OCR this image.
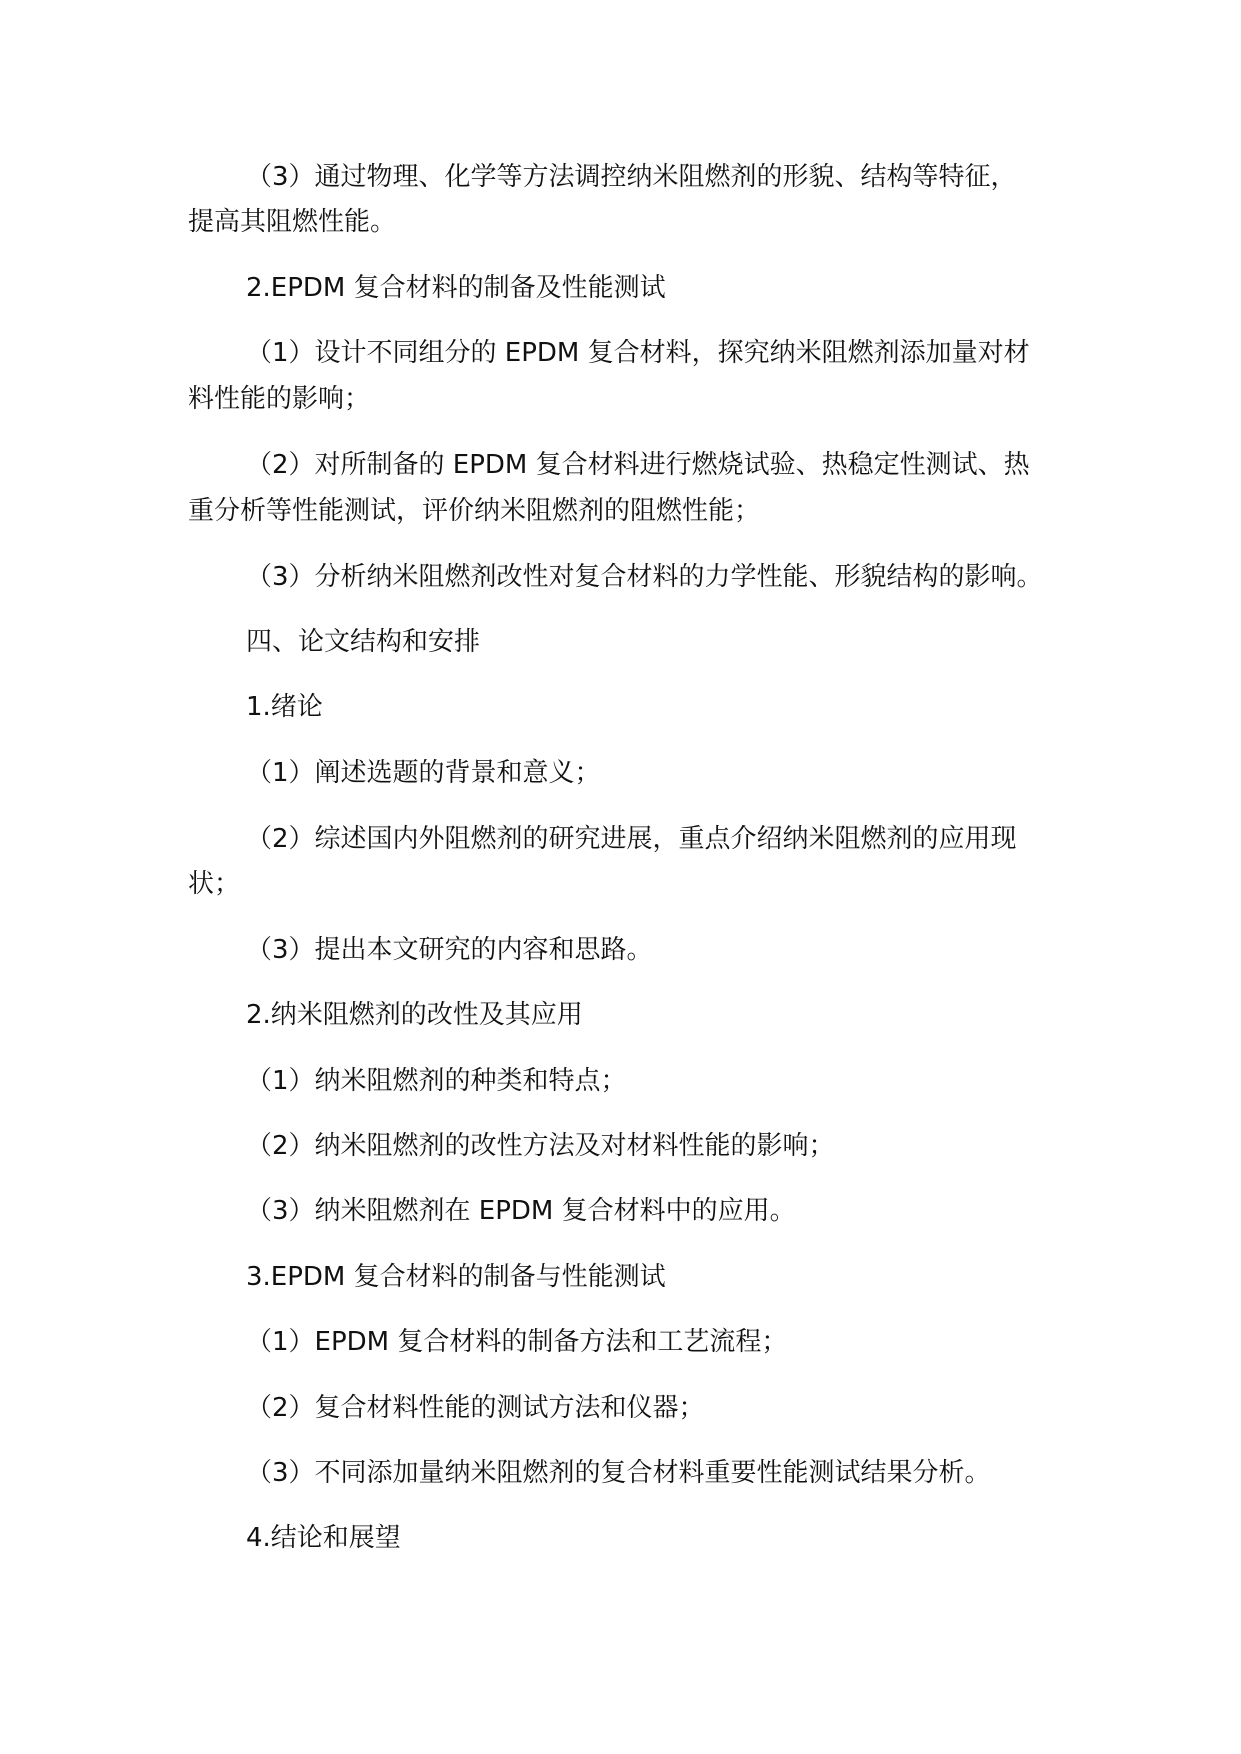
（3）通过物理、化学等方法调控纳米阻燃剂的形貌、结构等特征，

提高其阻燃性能。

2.EPDM 复合材料的制备及性能测试

（1）设计不同组分的 EPDM 复合材料，探究纳米阻燃剂添加量对材

料性能的影响；

（2）对所制备的 EPDM 复合材料进行燃烧试验、热稳定性测试、热

重分析等性能测试，评价纳米阻燃剂的阻燃性能；

（3）分析纳米阻燃剂改性对复合材料的力学性能、形貌结构的影响。

四、论文结构和安排

1.绪论

（1）阐述选题的背景和意义；

（2）综述国内外阻燃剂的研究进展，重点介绍纳米阻燃剂的应用现

状；

（3）提出本文研究的内容和思路。

2.纳米阻燃剂的改性及其应用

（1）纳米阻燃剂的种类和特点；

（2）纳米阻燃剂的改性方法及对材料性能的影响；

（3）纳米阻燃剂在 EPDM 复合材料中的应用。

3.EPDM 复合材料的制备与性能测试

（1）EPDM 复合材料的制备方法和工艺流程；

（2）复合材料性能的测试方法和仪器；

（3）不同添加量纳米阻燃剂的复合材料重要性能测试结果分析。

4.结论和展望
